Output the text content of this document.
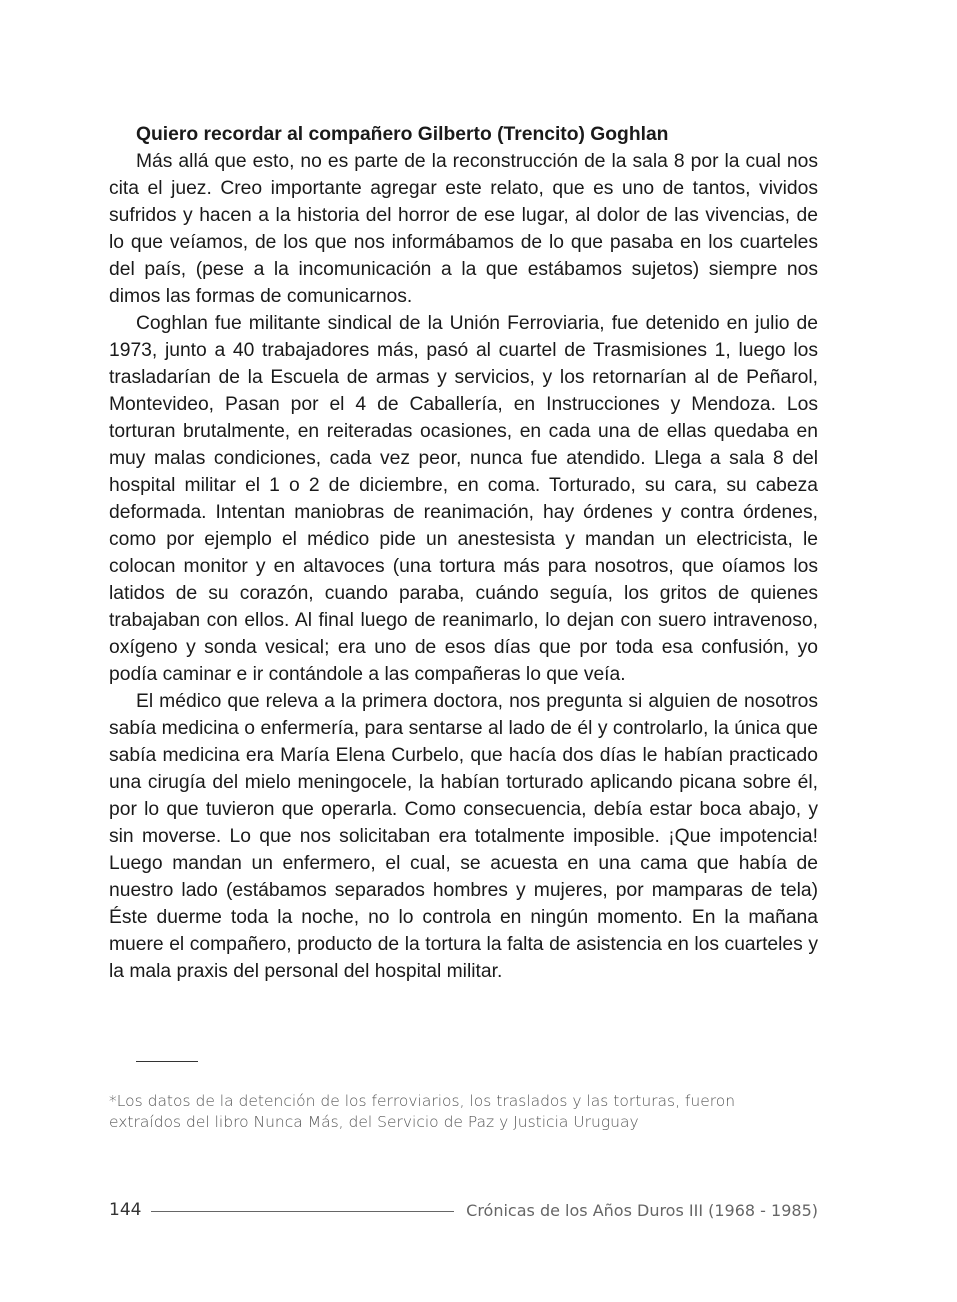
Quiero recordar al compañero Gilberto (Trencito) Goghlan

Más allá que esto, no es parte de la reconstrucción de la sala 8 por la cual nos cita el juez. Creo importante agregar este relato, que es uno de tantos, vividos sufridos y hacen a la historia del horror de ese lugar, al dolor de las vivencias, de lo que veíamos, de los que nos informábamos de lo que pasaba en los cuarteles del país, (pese a la incomunicación a la que estábamos sujetos) siempre nos dimos las formas de comunicarnos.

Coghlan fue militante sindical de la Unión Ferroviaria, fue detenido en julio de 1973, junto a 40 trabajadores más, pasó al cuartel de Trasmisiones 1, luego los trasladarían de la Escuela de armas y servicios, y los retornarían al de Peñarol, Montevideo, Pasan por el 4 de Caballería, en Instrucciones y Mendoza. Los torturan brutalmente, en reiteradas ocasiones, en cada una de ellas quedaba en muy malas condiciones, cada vez peor, nunca fue atendido. Llega a sala 8 del hospital militar el 1 o 2 de diciembre, en coma. Torturado, su cara, su cabeza deformada. Intentan maniobras de reanimación, hay órdenes y contra órdenes, como por ejemplo el médico pide un anestesista y mandan un electricista, le colocan monitor y en altavoces (una tortura más para nosotros, que oíamos los latidos de su corazón, cuando paraba, cuándo seguía, los gritos de quienes trabajaban con ellos. Al final luego de reanimarlo, lo dejan con suero intravenoso, oxígeno y sonda vesical; era uno de esos días que por toda esa confusión, yo podía caminar e ir contándole a las compañeras lo que veía.

El médico que releva a la primera doctora, nos pregunta si alguien de nosotros sabía medicina o enfermería, para sentarse al lado de él y controlarlo, la única que sabía medicina era María Elena Curbelo, que hacía dos días le habían practicado una cirugía del mielo meningocele, la habían torturado aplicando picana sobre él, por lo que tuvieron que operarla. Como consecuencia, debía estar boca abajo, y sin moverse. Lo que nos solicitaban era totalmente imposible. ¡Que impotencia! Luego mandan un enfermero, el cual, se acuesta en una cama que había de nuestro lado (estábamos separados hombres y mujeres, por mamparas de tela) Éste duerme toda la noche, no lo controla en ningún momento. En la mañana muere el compañero, producto de la tortura la falta de asistencia en los cuarteles y la mala praxis del personal del hospital militar.

*Los datos de la detención de los ferroviarios, los traslados y las torturas, fueron

extraídos del libro Nunca Más, del Servicio de Paz y Justicia Uruguay

144	Crónicas de los Años Duros III (1968 - 1985)
